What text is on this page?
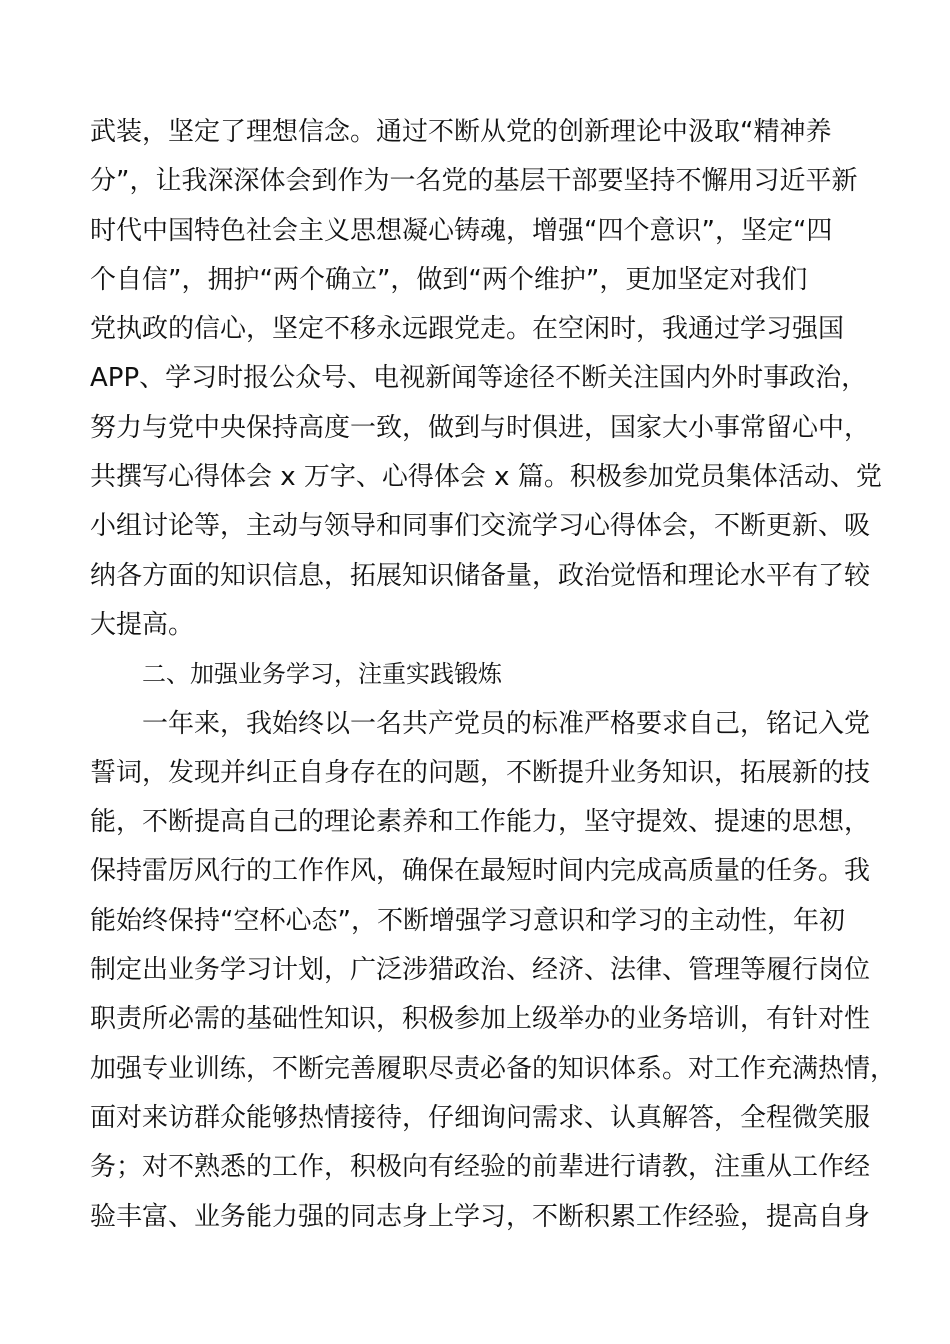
武装，坚定了理想信念。通过不断从党的创新理论中汲取“精神养
分”，让我深深体会到作为一名党的基层干部要坚持不懈用习近平新
时代中国特色社会主义思想凝心铸魂，增强“四个意识”，坚定“四
个自信”，拥护“两个确立”，做到“两个维护”，更加坚定对我们
党执政的信心，坚定不移永远跟党走。在空闲时，我通过学习强国
APP、学习时报公众号、电视新闻等途径不断关注国内外时事政治，
努力与党中央保持高度一致，做到与时俱进，国家大小事常留心中，
共撰写心得体会 x 万字、心得体会 x 篇。积极参加党员集体活动、党
小组讨论等，主动与领导和同事们交流学习心得体会，不断更新、吸
纳各方面的知识信息，拓展知识储备量，政治觉悟和理论水平有了较
大提高。
二、加强业务学习，注重实践锻炼
一年来，我始终以一名共产党员的标准严格要求自己，铭记入党
誓词，发现并纠正自身存在的问题，不断提升业务知识，拓展新的技
能，不断提高自己的理论素养和工作能力，坚守提效、提速的思想，
保持雷厉风行的工作作风，确保在最短时间内完成高质量的任务。我
能始终保持“空杯心态”，不断增强学习意识和学习的主动性，年初
制定出业务学习计划，广泛涉猎政治、经济、法律、管理等履行岗位
职责所必需的基础性知识，积极参加上级举办的业务培训，有针对性
加强专业训练，不断完善履职尽责必备的知识体系。对工作充满热情，
面对来访群众能够热情接待，仔细询问需求、认真解答，全程微笑服
务；对不熟悉的工作，积极向有经验的前辈进行请教，注重从工作经
验丰富、业务能力强的同志身上学习，不断积累工作经验，提高自身
